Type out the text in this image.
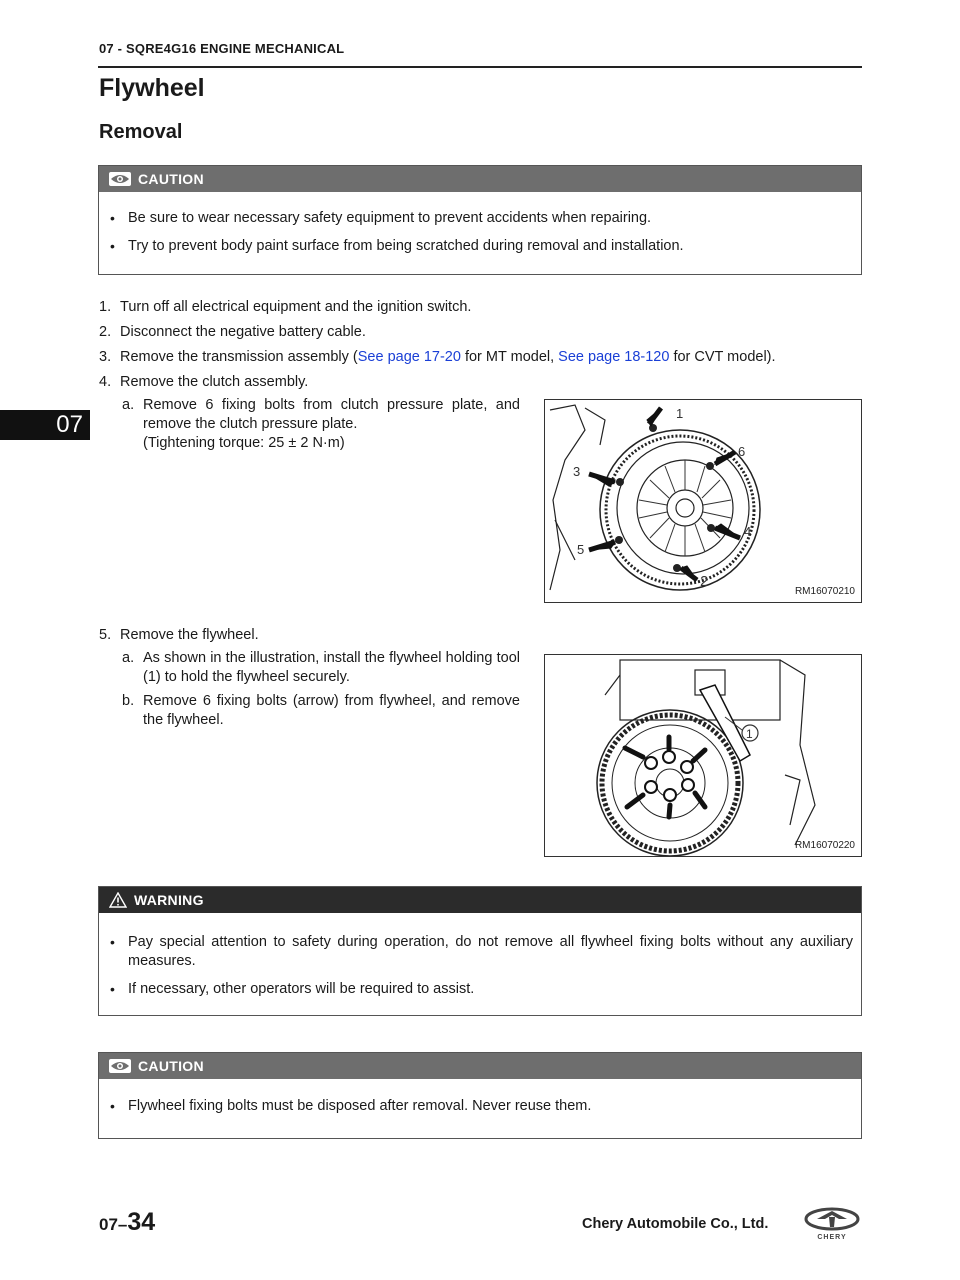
07 - SQRE4G16 ENGINE MECHANICAL
07
Flywheel
Removal
CAUTION
• Be sure to wear necessary safety equipment to prevent accidents when repairing.
• Try to prevent body paint surface from being scratched during removal and installation.
1. Turn off all electrical equipment and the ignition switch.
2. Disconnect the negative battery cable.
3. Remove the transmission assembly (See page 17-20 for MT model, See page 18-120 for CVT model).
4. Remove the clutch assembly.
a. Remove 6 fixing bolts from clutch pressure plate, and remove the clutch pressure plate.
(Tightening torque: 25 ± 2 N·m)
1
2
3
4
5
6
RM16070210
5. Remove the flywheel.
a. As shown in the illustration, install the flywheel holding tool (1) to hold the flywheel securely.
b. Remove 6 fixing bolts (arrow) from flywheel, and remove the flywheel.
1
RM16070220
WARNING
• Pay special attention to safety during operation, do not remove all flywheel fixing bolts without any auxiliary measures.
• If necessary, other operators will be required to assist.
CAUTION
• Flywheel fixing bolts must be disposed after removal. Never reuse them.
07–34	Chery Automobile Co., Ltd.
CHERY
